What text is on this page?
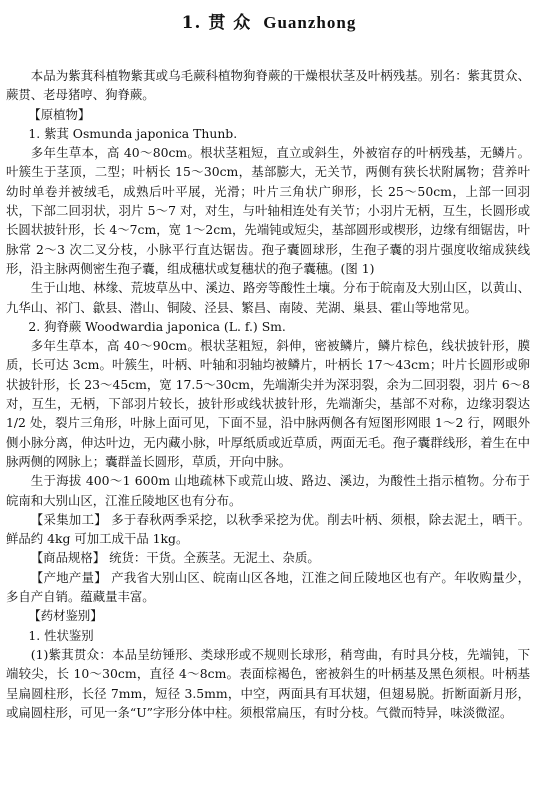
1. 贯 众 Guanzhong

本品为紫萁科植物紫萁或乌毛蕨科植物狗脊蕨的干燥根状茎及叶柄残基。别名：紫萁贯众、蕨贯、老母猪哼、狗脊蕨。

【原植物】

1. 紫萁 Osmunda japonica Thunb.

多年生草本，高 40～80cm。根状茎粗短，直立或斜生，外被宿存的叶柄残基，无鳞片。叶簇生于茎顶，二型；叶柄长 15～30cm，基部膨大，无关节，两侧有狭长状附属物；营养叶幼时单卷并被绒毛，成熟后叶平展，光滑；叶片三角状广卵形，长 25～50cm，上部一回羽状，下部二回羽状，羽片 5～7 对，对生，与叶轴相连处有关节；小羽片无柄，互生，长圆形或长圆状披针形，长 4～7cm，宽 1～2cm，先端钝或短尖，基部圆形或楔形，边缘有细锯齿，叶脉常 2～3 次二叉分枝，小脉平行直达锯齿。孢子囊圆球形，生孢子囊的羽片强度收缩成狭线形，沿主脉两侧密生孢子囊，组成穗状或复穗状的孢子囊穗。(图 1)

生于山地、林缘、荒坡草丛中、溪边、路旁等酸性土壤。分布于皖南及大别山区，以黄山、九华山、祁门、歙县、潜山、铜陵、泾县、繁昌、南陵、芜湖、巢县、霍山等地常见。

2. 狗脊蕨 Woodwardia japonica (L. f.) Sm.

多年生草本，高 40～90cm。根状茎粗短，斜伸，密被鳞片，鳞片棕色，线状披针形，膜质，长可达 3cm。叶簇生，叶柄、叶轴和羽轴均被鳞片，叶柄长 17～43cm；叶片长圆形或卵状披针形，长 23～45cm，宽 17.5～30cm，先端渐尖并为深羽裂，余为二回羽裂，羽片 6～8 对，互生，无柄，下部羽片较长，披针形或线状披针形，先端渐尖，基部不对称，边缘羽裂达 1/2 处，裂片三角形，叶脉上面可见，下面不显，沿中脉两侧各有短图形网眼 1～2 行，网眼外侧小脉分离，伸达叶边，无内藏小脉，叶厚纸质或近草质，两面无毛。孢子囊群线形，着生在中脉两侧的网脉上；囊群盖长圆形，草质，开向中脉。

生于海拔 400～1 600m 山地疏林下或荒山坡、路边、溪边，为酸性土指示植物。分布于皖南和大别山区，江淮丘陵地区也有分布。

【采集加工】 多于春秋两季采挖，以秋季采挖为优。削去叶柄、须根，除去泥土，晒干。鲜品约 4kg 可加工成干品 1kg。

【商品规格】 统货：干货。全蔟茎。无泥土、杂质。

【产地产量】 产我省大别山区、皖南山区各地，江淮之间丘陵地区也有产。年收购量少，多自产自销。蕴藏量丰富。

【药材鉴别】

1. 性状鉴别

(1)紫萁贯众：本品呈纺锤形、类球形或不规则长球形，稍弯曲，有时具分枝，先端钝，下端较尖，长 10～30cm，直径 4～8cm。表面棕褐色，密被斜生的叶柄基及黑色须根。叶柄基呈扁圆柱形，长径 7mm，短径 3.5mm，中空，两面具有耳状翅，但翅易脱。折断面新月形，或扁圆柱形，可见一条“U”字形分体中柱。须根常扁压，有时分枝。气微而特异，味淡微涩。
